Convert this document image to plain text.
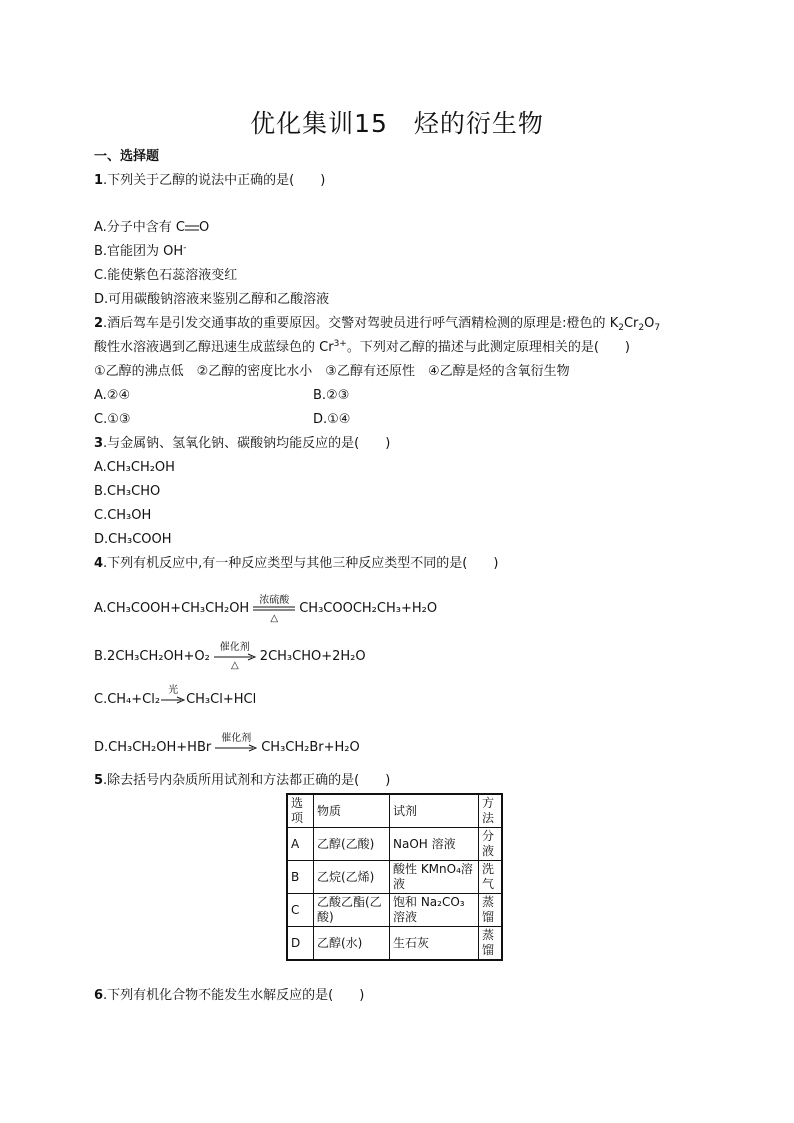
优化集训15 烃的衍生物
一、选择题
1.下列关于乙醇的说法中正确的是(　　)
A.分子中含有 C O
B.官能团为 OH-
C.能使紫色石蕊溶液变红
D.可用碳酸钠溶液来鉴别乙醇和乙酸溶液
2.酒后驾车是引发交通事故的重要原因。交警对驾驶员进行呼气酒精检测的原理是:橙色的 $K_2Cr_2O_7$
酸性水溶液遇到乙醇迅速生成蓝绿色的 $Cr^{3+}$。下列对乙醇的描述与此测定原理相关的是(　　)
①乙醇的沸点低　②乙醇的密度比水小　③乙醇有还原性　④乙醇是烃的含氧衍生物
A.②④	B.②③
C.①③	D.①④
3.与金属钠、氢氧化钠、碳酸钠均能反应的是(　　)
A.CH₃CH₂OH
B.CH₃CHO
C.CH₃OH
D.CH₃COOH
4.下列有机反应中,有一种反应类型与其他三种反应类型不同的是(　　)
A.CH₃COOH+CH₃CH₂OH
浓硫酸
△
CH₃COOCH₂CH₃+H₂O
B.2CH₃CH₂OH+O₂
催化剂
△
2CH₃CHO+2H₂O
C.CH₄+Cl₂
光
CH₃Cl+HCl
D.CH₃CH₂OH+HBr
催化剂
CH₃CH₂Br+H₂O
5.除去括号内杂质所用试剂和方法都正确的是(　　)
选项	物质	试剂	方法
A	乙醇(乙酸)	NaOH 溶液	分液
B	乙烷(乙烯)	酸性 KMnO₄溶液	洗气
C	乙酸乙酯(乙酸)	饱和 Na₂CO₃溶液	蒸馏
D	乙醇(水)	生石灰	蒸馏
6.下列有机化合物不能发生水解反应的是(　　)
